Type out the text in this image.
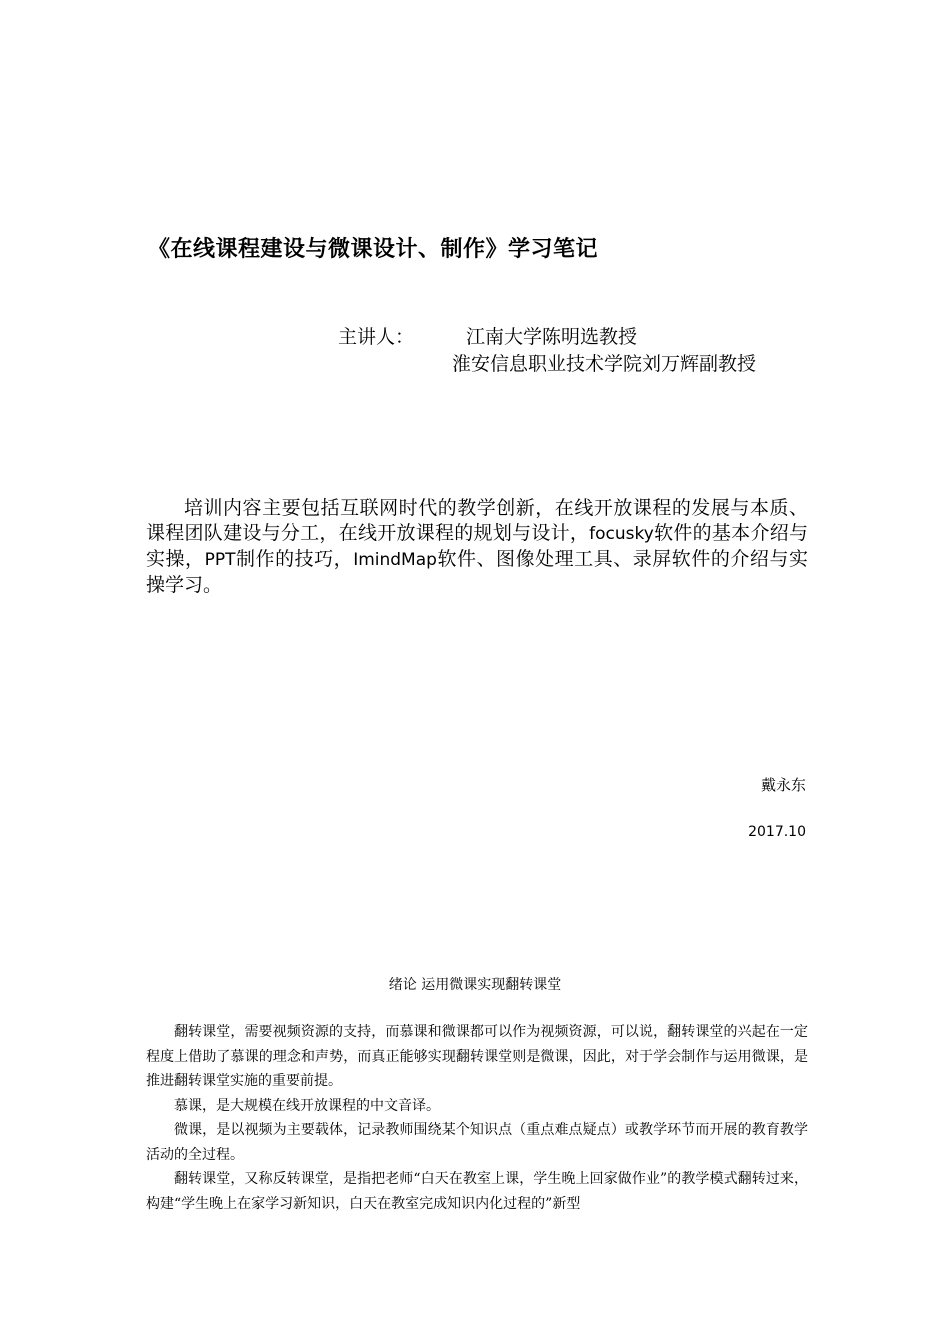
《在线课程建设与微课设计、制作》学习笔记
主讲人：	江南大学陈明选教授
淮安信息职业技术学院刘万辉副教授
培训内容主要包括互联网时代的教学创新，在线开放课程的发展与本质、课程团队建设与分工，在线开放课程的规划与设计，focusky软件的基本介绍与实操，PPT制作的技巧，ImindMap软件、图像处理工具、录屏软件的介绍与实操学习。
戴永东
2017.10
绪论 运用微课实现翻转课堂

翻转课堂，需要视频资源的支持，而慕课和微课都可以作为视频资源，可以说，翻转课堂的兴起在一定程度上借助了慕课的理念和声势，而真正能够实现翻转课堂则是微课，因此，对于学会制作与运用微课，是推进翻转课堂实施的重要前提。

慕课，是大规模在线开放课程的中文音译。

微课，是以视频为主要载体，记录教师围绕某个知识点（重点难点疑点）或教学环节而开展的教育教学活动的全过程。

翻转课堂，又称反转课堂，是指把老师“白天在教室上课，学生晚上回家做作业”的教学模式翻转过来，构建“学生晚上在家学习新知识，白天在教室完成知识内化过程的”新型
